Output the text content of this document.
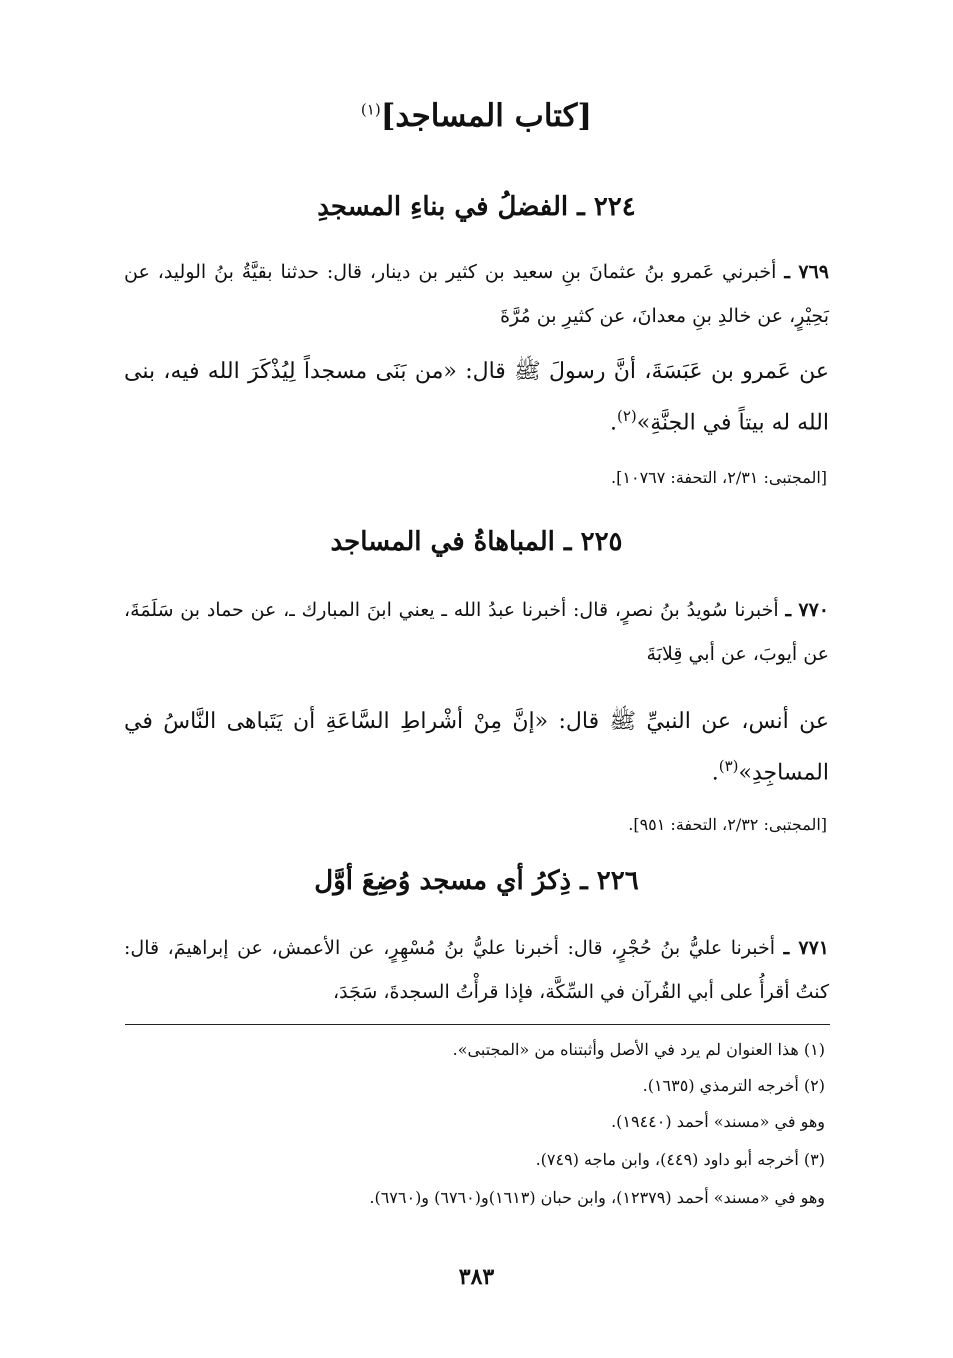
[كتاب المساجد]$^{(١)}$
٢٢٤ ـ الفضلُ في بناءِ المسجدِ

٧٦٩ ـ أخبرني عَمرو بنُ عثمانَ بنِ سعيد بن كثير بن دينار، قال: حدثنا بقيَّةُ بنُ الوليد، عن بَحِيْرٍ، عن خالدِ بنِ معدانَ، عن كثيرِ بن مُرَّةَ

عن عَمرو بن عَبَسَةَ، أنَّ رسولَ ﷺ قال: «من بَنَى مسجداً لِيُذْكَرَ الله فيه، بنى الله له بيتاً في الجنَّةِ»$^{(٢)}$.

[المجتبى: ٢/٣١، التحفة: ١٠٧٦٧].

٢٢٥ ـ المباهاةُ في المساجد

٧٧٠ ـ أخبرنا سُويدُ بنُ نصرٍ، قال: أخبرنا عبدُ الله ـ يعني ابنَ المبارك ـ، عن حماد بن سَلَمَةَ، عن أيوبَ، عن أبي قِلابَةَ

عن أنس، عن النبيِّ ﷺ قال: «إنَّ مِنْ أشْراطِ السَّاعَةِ أن يَتَباهى النَّاسُ في المساجِدِ»$^{(٣)}$.

[المجتبى: ٢/٣٢، التحفة: ٩٥١].

٢٢٦ ـ ذِكرُ أي مسجد وُضِعَ أوَّل

٧٧١ ـ أخبرنا عليُّ بنُ حُجْرٍ، قال: أخبرنا عليُّ بنُ مُسْهِرٍ، عن الأعمش، عن إبراهيمَ، قال: كنتُ أقرأُ على أبي القُرآن في السِّكَّة، فإذا قرأْتُ السجدةَ، سَجَدَ،

(١) هذا العنوان لم يرد في الأصل وأثبتناه من «المجتبى».

(٢) أخرجه الترمذي (١٦٣٥).

وهو في «مسند» أحمد (١٩٤٤٠).

(٣) أخرجه أبو داود (٤٤٩)، وابن ماجه (٧٤٩).

وهو في «مسند» أحمد (١٢٣٧٩)، وابن حبان (١٦١٣)و(٦٧٦٠) و(٦٧٦٠).

٣٨٣
